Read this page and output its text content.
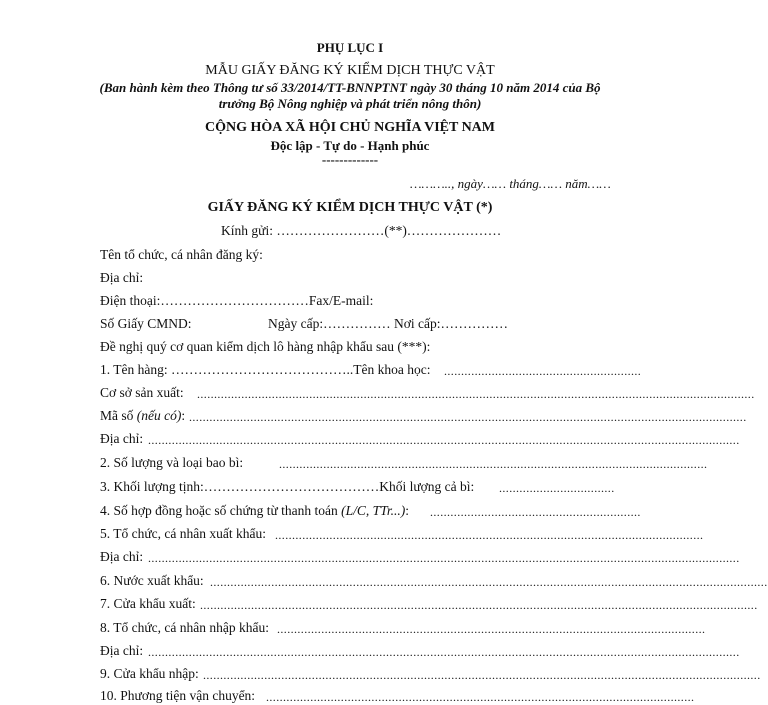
PHỤ LỤC I
MẪU GIẤY ĐĂNG KÝ KIỂM DỊCH THỰC VẬT
(Ban hành kèm theo Thông tư số 33/2014/TT-BNNPTNT ngày 30 tháng 10 năm 2014 của Bộ
trưởng Bộ Nông nghiệp và phát triển nông thôn)
CỘNG HÒA XÃ HỘI CHỦ NGHĨA VIỆT NAM
Độc lập - Tự do - Hạnh phúc
-------------
……….., ngày…… tháng…… năm……
GIẤY ĐĂNG KÝ KIỂM DỊCH THỰC VẬT (*)
Kính gửi: ……………………(**)…………………
Tên tổ chức, cá nhân đăng ký:
Địa chỉ:
Điện thoại:……………………………Fax/E-mail:
Số Giấy CMND:	Ngày cấp:…………… Nơi cấp:……………
Đề nghị quý cơ quan kiểm dịch lô hàng nhập khẩu sau (***):
1. Tên hàng: …………………………………..Tên khoa học: ..........................................................
Cơ sở sản xuất: ....................................................................................................................................................................
Mã số (nếu có): ....................................................................................................................................................................
Địa chỉ: ..............................................................................................................................................................................
2. Số lượng và loại bao bì:	..............................................................................................................................
3. Khối lượng tịnh:…………………………………Khối lượng cả bì: ..................................
4. Số hợp đồng hoặc số chứng từ thanh toán (L/C, TTr...): ..............................................................
5. Tổ chức, cá nhân xuất khẩu: ..............................................................................................................................
Địa chỉ: ..............................................................................................................................................................................
6. Nước xuất khẩu: ....................................................................................................................................................................
7. Cửa khẩu xuất: ....................................................................................................................................................................
8. Tổ chức, cá nhân nhập khẩu: ..............................................................................................................................
Địa chỉ: ..............................................................................................................................................................................
9. Cửa khẩu nhập: ....................................................................................................................................................................
10. Phương tiện vận chuyển: ..............................................................................................................................
